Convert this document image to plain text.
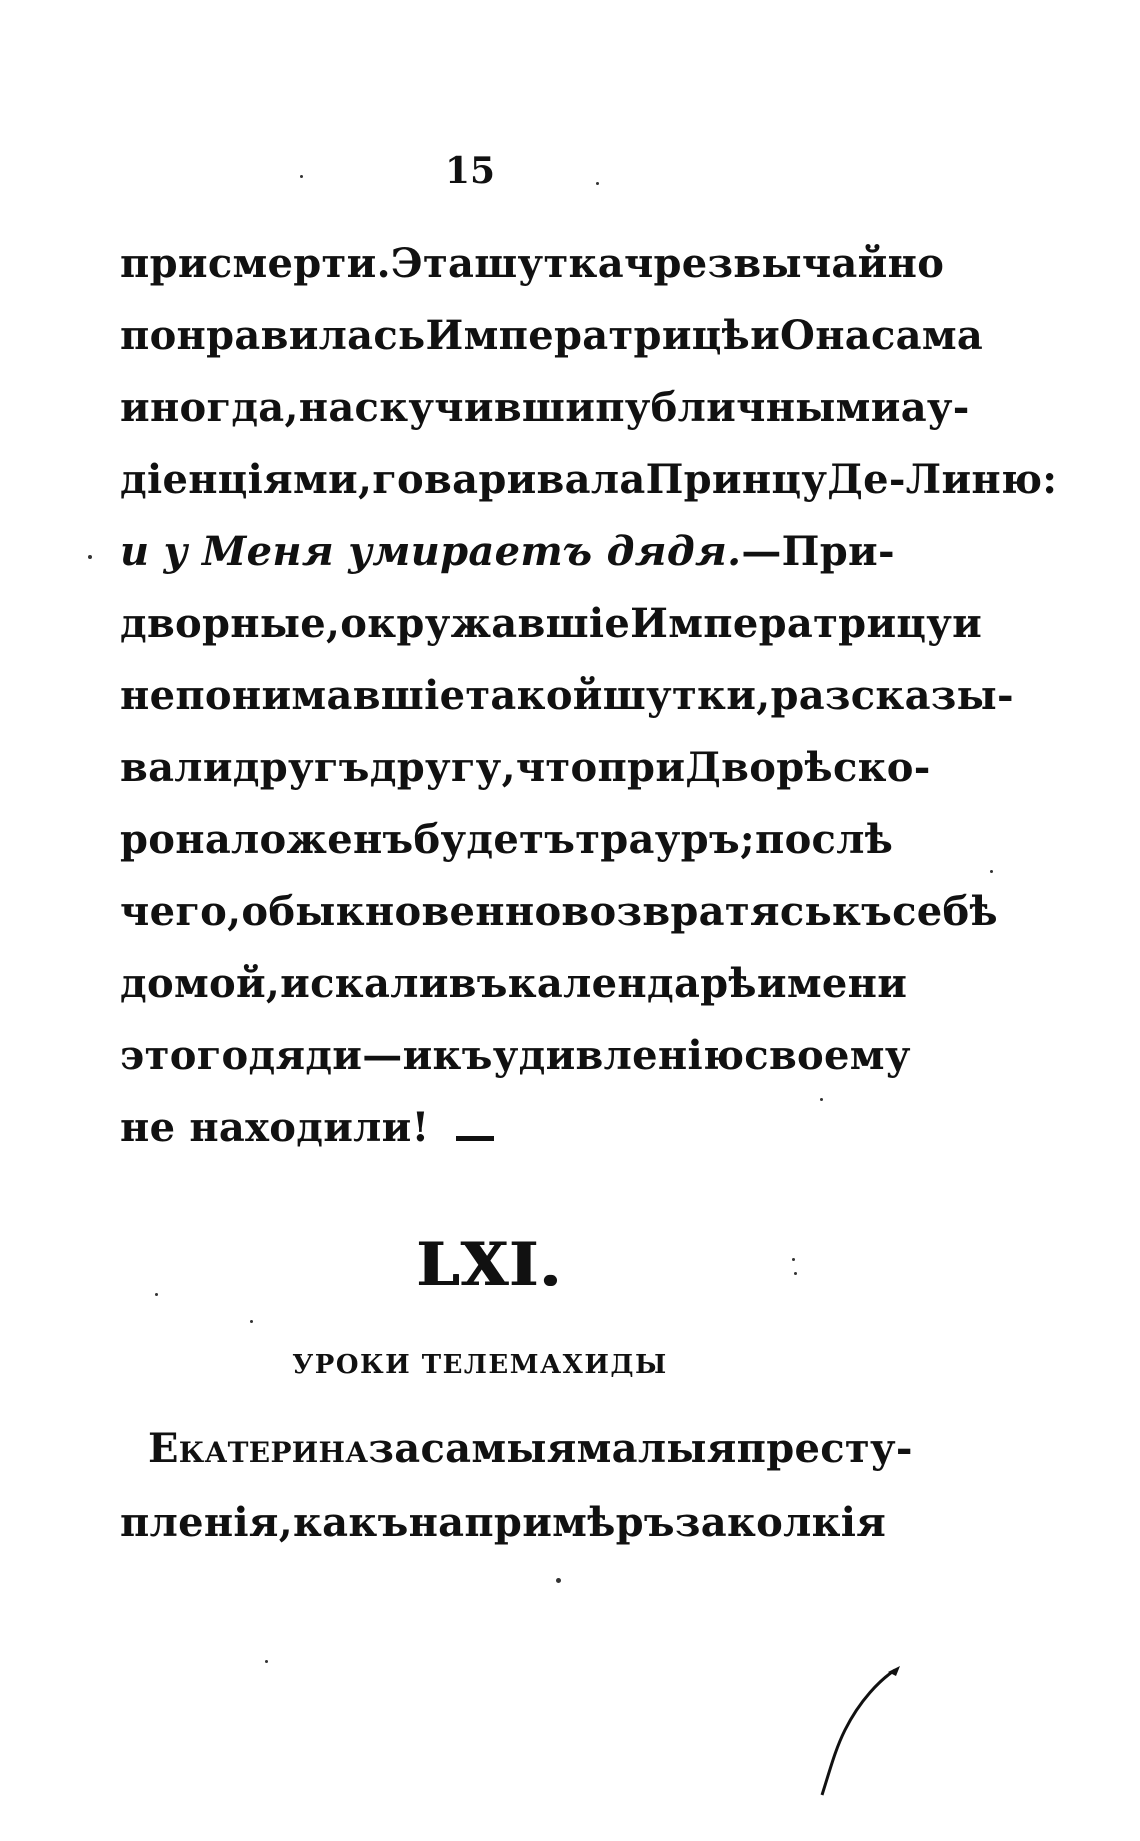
15
при смерти. Эта шутка чрезвычайно
понравилась Императрицѣ и Она сама
иногда, наскучивши публичными ау-
діенціями, говаривала Принцу Де-Линю:
и у Меня умираетъ дядя. — При-
дворные, окружавшіе Императрицу и
не понимавшіе такой шутки, разсказы-
вали другъ другу, что при Дворѣ ско-
ро наложенъ будетъ трауръ; послѣ
чего, обыкновенно возвратясь къ себѣ
домой, искали въ календарѣ имени
этого дяди — и къ удивленію своему
не находили!
LXI.
УРОКИ ТЕЛЕМАХИДЫ
Екатерина за самыя малыя престу-
пленія, какъ на примѣръ за колкія
